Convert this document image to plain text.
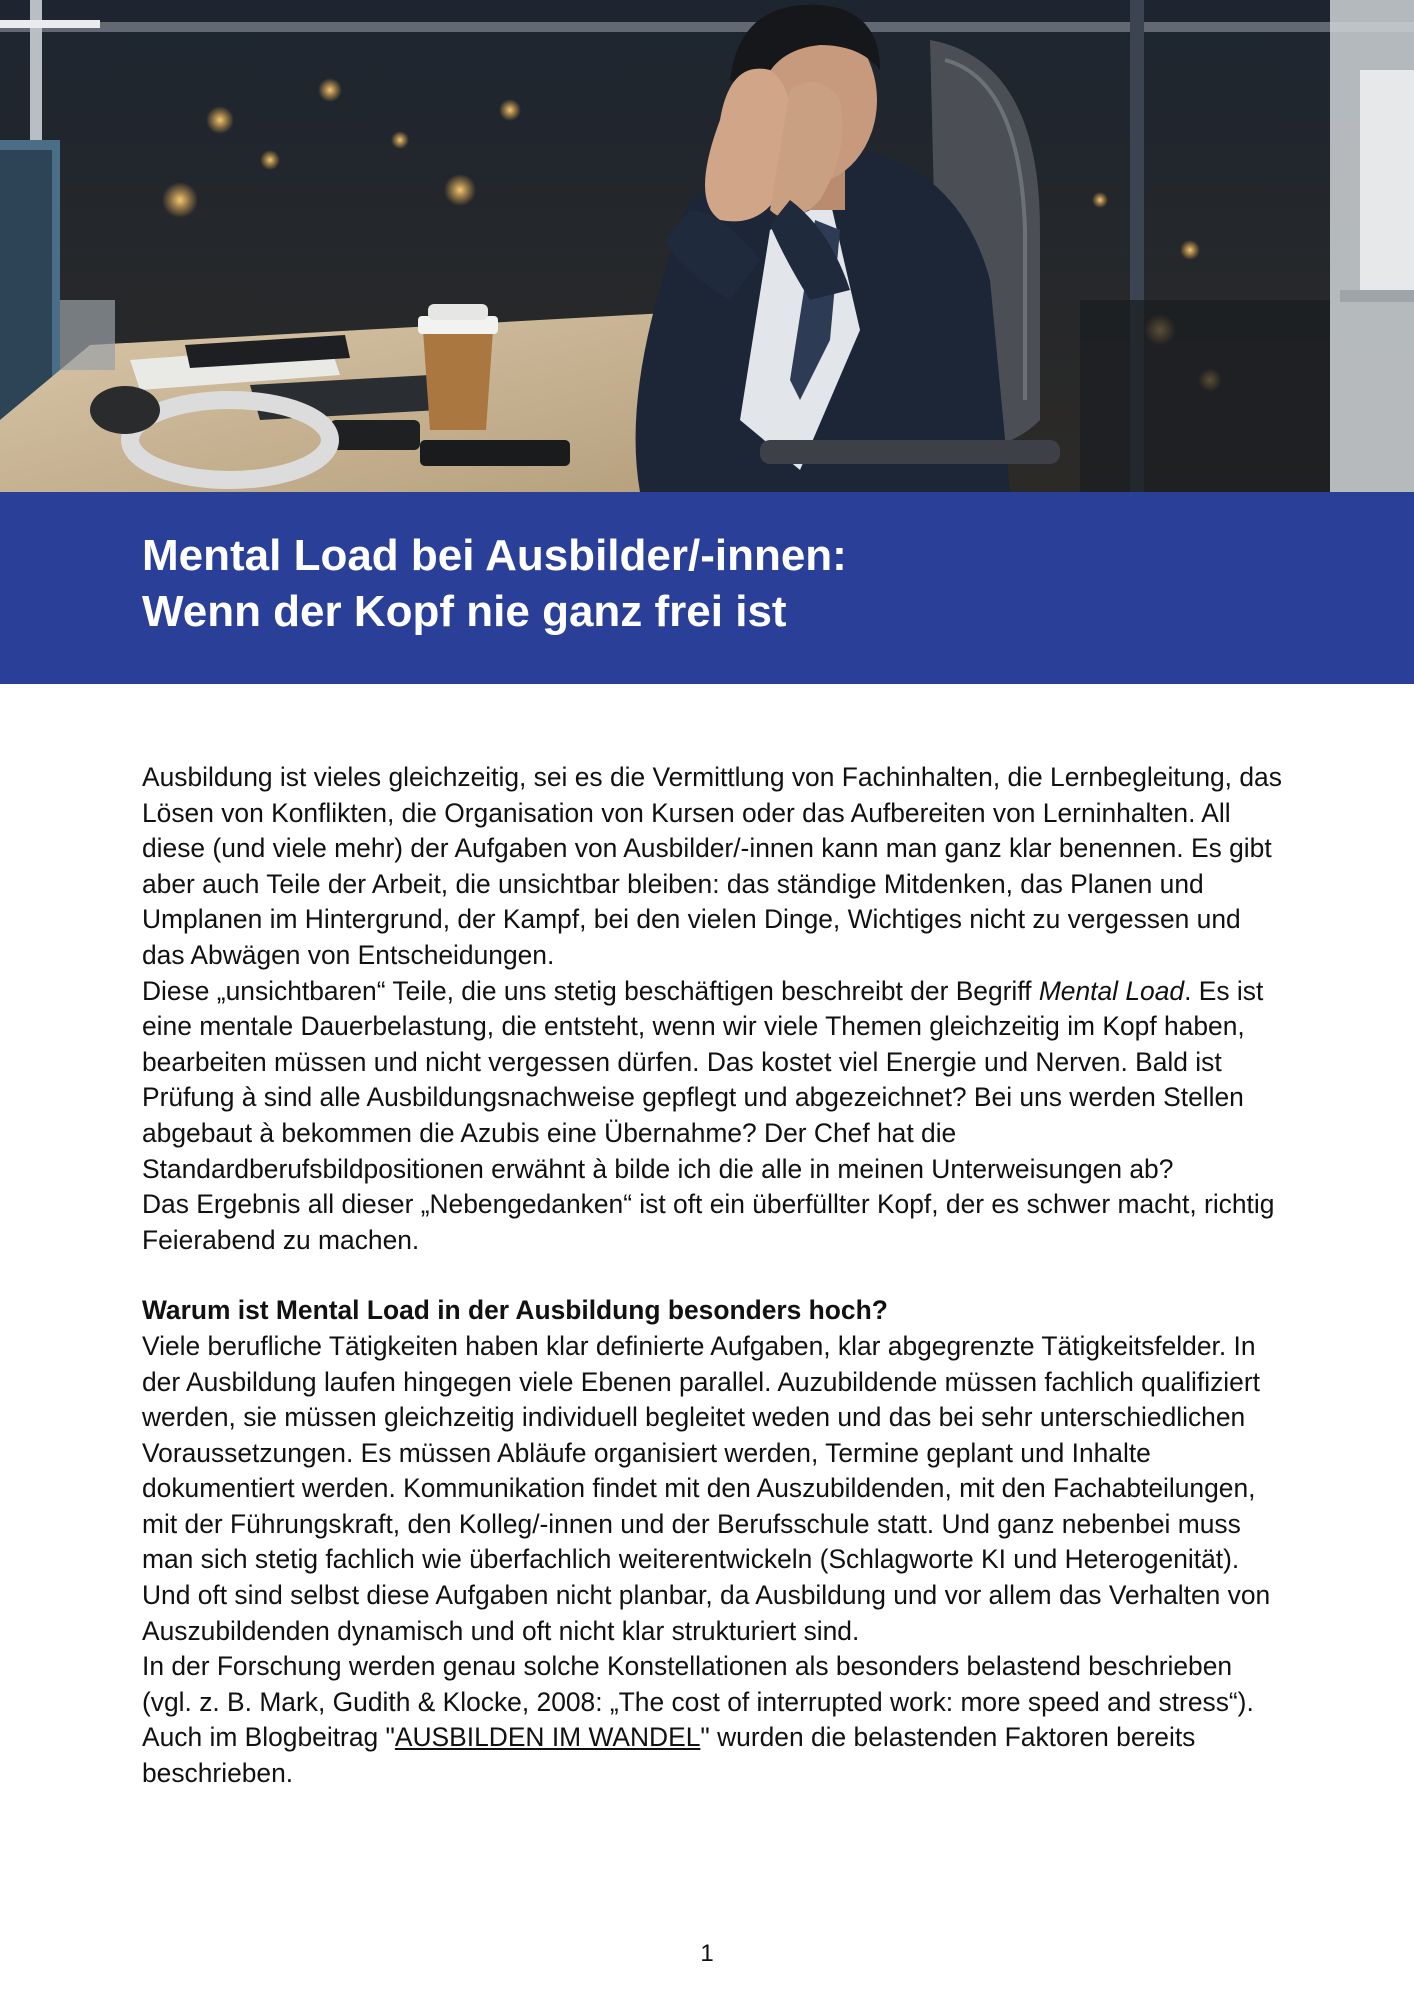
Mental Load bei Ausbilder/-innen:
Wenn der Kopf nie ganz frei ist

Ausbildung ist vieles gleichzeitig, sei es die Vermittlung von Fachinhalten, die Lernbegleitung, das Lösen von Konflikten, die Organisation von Kursen oder das Aufbereiten von Lerninhalten. All diese (und viele mehr) der Aufgaben von Ausbilder/-innen kann man ganz klar benennen. Es gibt aber auch Teile der Arbeit, die unsichtbar bleiben: das ständige Mitdenken, das Planen und Umplanen im Hintergrund, der Kampf, bei den vielen Dinge, Wichtiges nicht zu vergessen und das Abwägen von Entscheidungen.

Diese „unsichtbaren“ Teile, die uns stetig beschäftigen beschreibt der Begriff Mental Load. Es ist eine mentale Dauerbelastung, die entsteht, wenn wir viele Themen gleichzeitig im Kopf haben, bearbeiten müssen und nicht vergessen dürfen. Das kostet viel Energie und Nerven. Bald ist Prüfung à sind alle Ausbildungsnachweise gepflegt und abgezeichnet? Bei uns werden Stellen abgebaut à bekommen die Azubis eine Übernahme? Der Chef hat die Standardberufsbildpositionen erwähnt à bilde ich die alle in meinen Unterweisungen ab?

Das Ergebnis all dieser „Nebengedanken“ ist oft ein überfüllter Kopf, der es schwer macht, richtig Feierabend zu machen.

Warum ist Mental Load in der Ausbildung besonders hoch?

Viele berufliche Tätigkeiten haben klar definierte Aufgaben, klar abgegrenzte Tätigkeitsfelder. In der Ausbildung laufen hingegen viele Ebenen parallel. Auzubildende müssen fachlich qualifiziert werden, sie müssen gleichzeitig individuell begleitet weden und das bei sehr unterschiedlichen Voraussetzungen. Es müssen Abläufe organisiert werden, Termine geplant und Inhalte dokumentiert werden. Kommunikation findet mit den Auszubildenden, mit den Fachabteilungen, mit der Führungskraft, den Kolleg/-innen und der Berufsschule statt. Und ganz nebenbei muss man sich stetig fachlich wie überfachlich weiterentwickeln (Schlagworte KI und Heterogenität). Und oft sind selbst diese Aufgaben nicht planbar, da Ausbildung und vor allem das Verhalten von Auszubildenden dynamisch und oft nicht klar strukturiert sind.

In der Forschung werden genau solche Konstellationen als besonders belastend beschrieben (vgl. z. B. Mark, Gudith & Klocke, 2008: „The cost of interrupted work: more speed and stress“). Auch im Blogbeitrag "AUSBILDEN IM WANDEL" wurden die belastenden Faktoren bereits beschrieben.

1
